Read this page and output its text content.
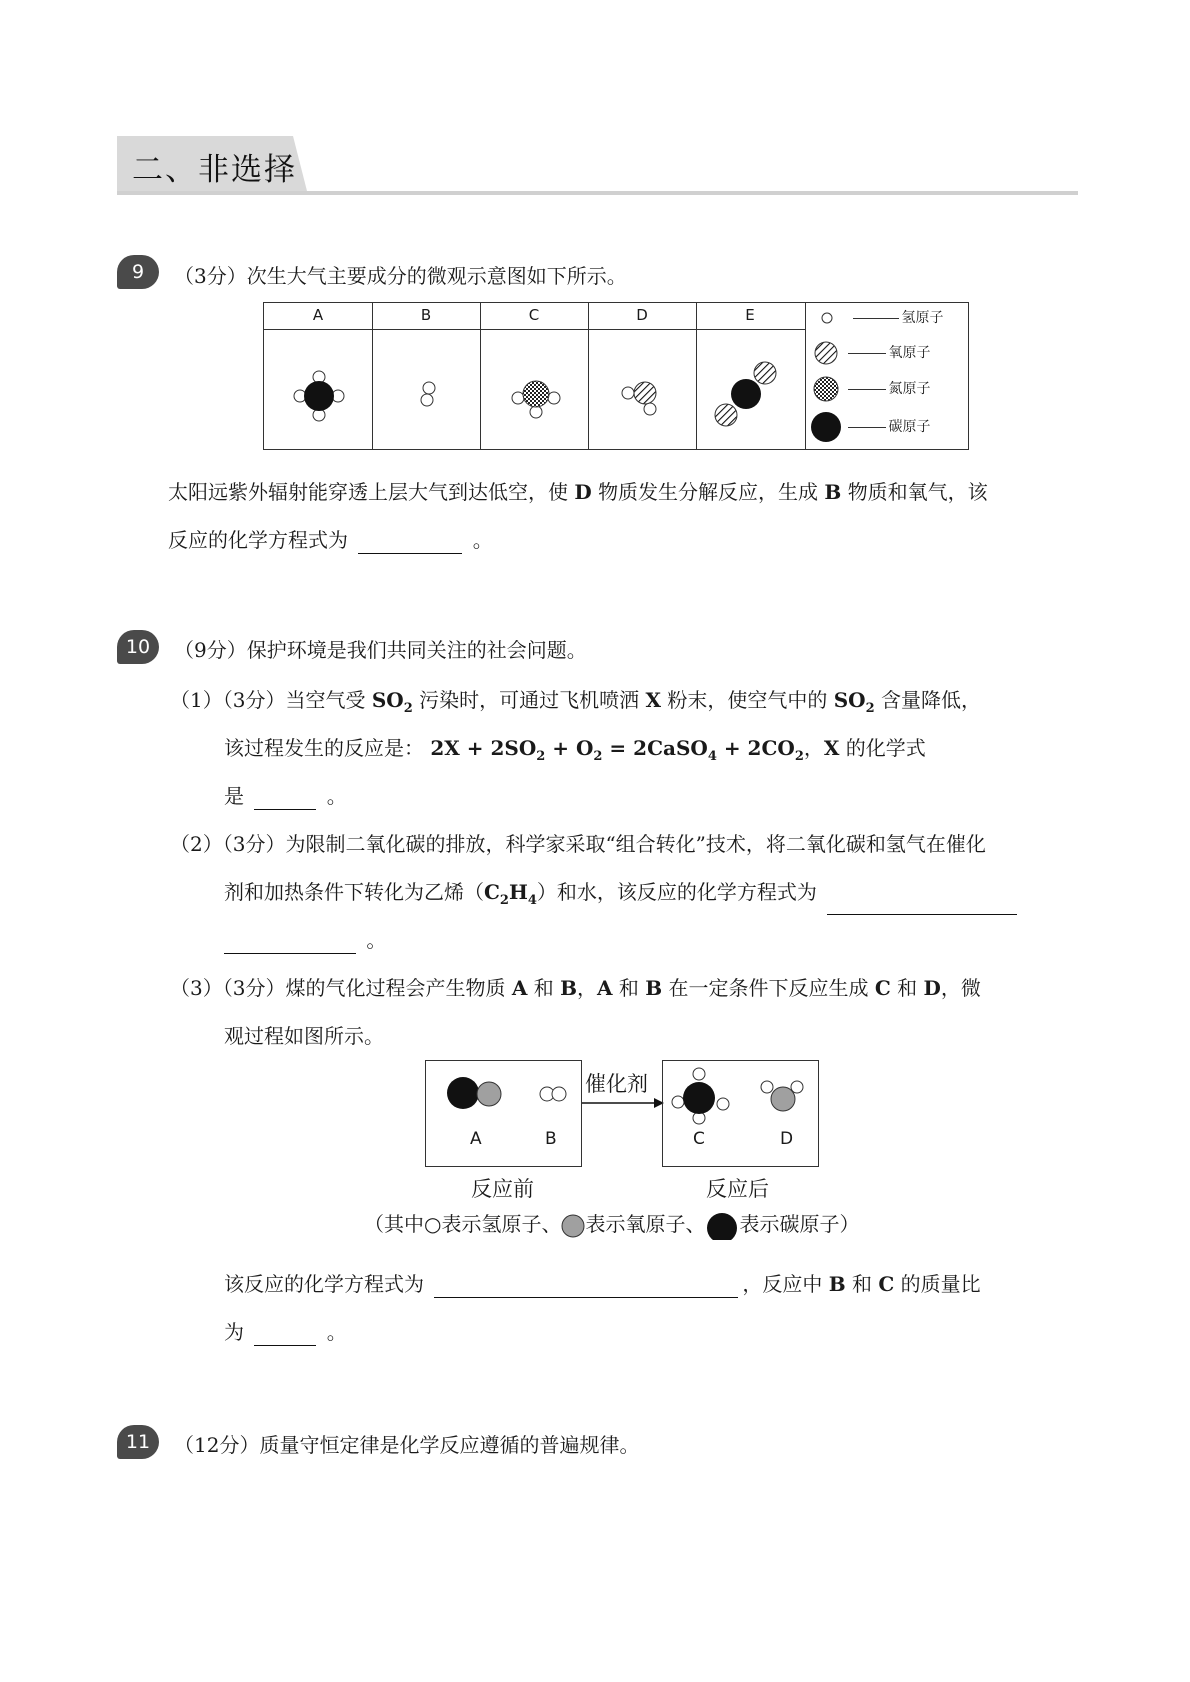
二、非选择
9	（3分）次生大气主要成分的微观示意图如下所示。
A	B	C	D	E	氢原子
氧原子
氮原子
碳原子
太阳远紫外辐射能穿透上层大气到达低空，使 D 物质发生分解反应，生成 B 物质和氧气，该
反应的化学方程式为	。
10	（9分）保护环境是我们共同关注的社会问题。
（1）（3分）当空气受 $SO_2$ 污染时，可通过飞机喷洒 X 粉末，使空气中的 $SO_2$ 含量降低，
该过程发生的反应是： $2X + 2SO_2 + O_2$ = 2CaSO$_4$ + $2CO_2$，X 的化学式
是	。
（2）（3分）为限制二氧化碳的排放，科学家采取“组合转化”技术，将二氧化碳和氢气在催化
剂和加热条件下转化为乙烯$(C_2H_4)$和水，该反应的化学方程式为
。
（3）（3分）煤的气化过程会产生物质 A 和 B，A 和 B 在一定条件下反应生成 C 和 D，微
观过程如图所示。
A	B
催化剂
C	D
反应前	反应后
（其中○表示氢原子、 表示氧原子、 表示碳原子）
该反应的化学方程式为	，反应中 B 和 C 的质量比
为	。
11	（12分）质量守恒定律是化学反应遵循的普遍规律。
